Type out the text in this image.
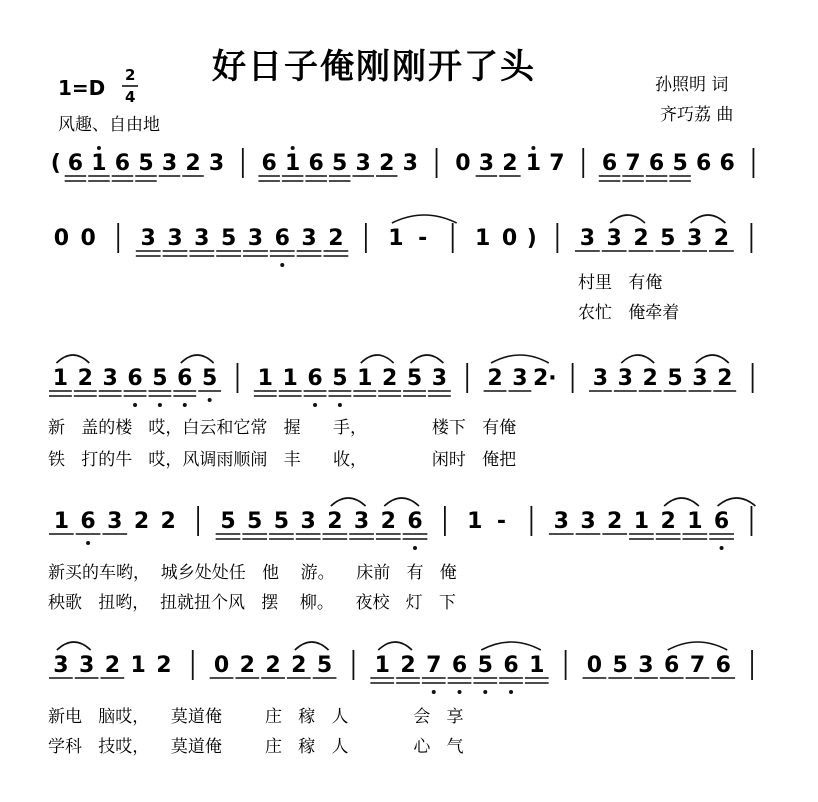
好日子俺刚刚开了头
1=D
2
4
风趣、自由地
孙照明 词
齐巧荔 曲
( 6 1 6 5 3 2 3 6 1 6 5 3 2 3 0 3 2 1 7 6 7 6 5 6 6
0 0 3 3 3 5 3 6 3 2 1 - 1 0 ) 3 3 2 5 3 2
1 2 3 6 5 6 5 1 1 6 5 1 2 5 3 2 3 2· 3 3 2 5 3 2
1 6 3 2 2 5 5 5 3 2 3 2 6 1 - 3 3 2 1 2 1 6
3 3 2 1 2 0 2 2 2 5 1 2 7 6 5 6 1 0 5 3 6 7 6
村里   有俺
农忙   俺牵着
新   盖的楼   哎，白云和它常   握      手，            楼下   有俺
铁   打的牛   哎，风调雨顺闹   丰      收，            闲时   俺把
新买的车哟，  城乡处处任   他    游。    床前   有   俺
秧歌   扭哟，  扭就扭个风   摆    柳。    夜校   灯   下
新电   脑哎，    莫道俺        庄   稼   人            会   享
学科   技哎，    莫道俺        庄   稼   人            心   气
